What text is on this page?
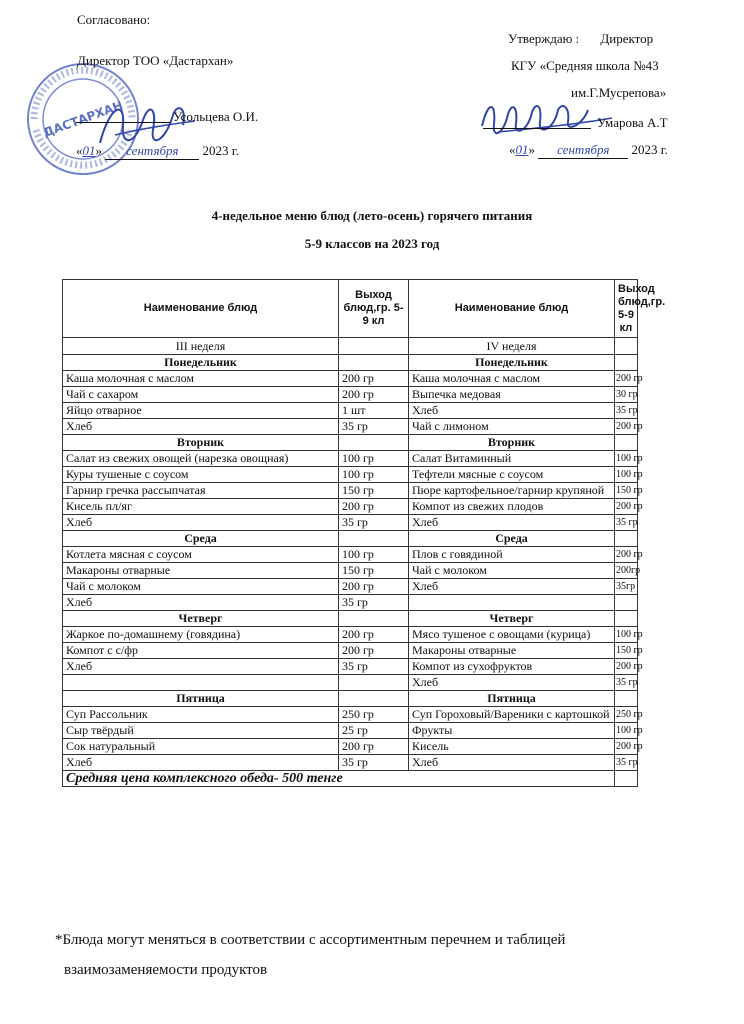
ДАСТАРХАН
Согласовано:
Директор ТОО «Дастархан»
Усольцева О.И.
«01» сентября 2023 г.
Утверждаю : Директор
КГУ «Средняя школа №43
им.Г.Мусрепова»
Умарова А.Т
«01» сентября 2023 г.
4-недельное меню блюд (лето-осень) горячего питания
5-9 классов на 2023 год
Наименование блюд	Выход блюд,гр. 5-9 кл	Наименование блюд	Выход блюд,гр. 5-9 кл
III неделя		IV неделя	
Понедельник		Понедельник	
Каша молочная с маслом	200 гр	Каша молочная с маслом	200 гр
Чай с сахаром	200 гр	Выпечка медовая	30 гр
Яйцо отварное	1 шт	Хлеб	35 гр
Хлеб	35 гр	Чай с лимоном	200 гр
Вторник		Вторник	
Салат из свежих овощей (нарезка овощная)	100 гр	Салат Витаминный	100 гр
Куры тушеные с соусом	100 гр	Тефтели мясные с соусом	100 гр
Гарнир гречка рассыпчатая	150 гр	Пюре картофельное/гарнир крупяной	150 гр
Кисель пл/яг	200 гр	Компот из свежих плодов	200 гр
Хлеб	35 гр	Хлеб	35 гр
Среда		Среда	
Котлета мясная с соусом	100 гр	Плов с говядиной	200 гр
Макароны отварные	150 гр	Чай с молоком	200гр
Чай с молоком	200 гр	Хлеб	35гр
Хлеб	35 гр		
Четверг		Четверг	
Жаркое по-домашнему (говядина)	200 гр	Мясо тушеное с овощами (курица)	100 гр
Компот с с/фр	200 гр	Макароны отварные	150 гр
Хлеб	35 гр	Компот из сухофруктов	200 гр
		Хлеб	35 гр
Пятница		Пятница	
Суп Рассольник	250 гр	Суп Гороховый/Вареники с картошкой	250 гр
Сыр твёрдый	25 гр	Фрукты	100 гр
Сок натуральный	200 гр	Кисель	200 гр
Хлеб	35 гр	Хлеб	35 гр
Средняя цена комплексного обеда- 500 тенге			
*Блюда могут меняться в соответствии с ассортиментным перечнем и таблицей
взаимозаменяемости продуктов
